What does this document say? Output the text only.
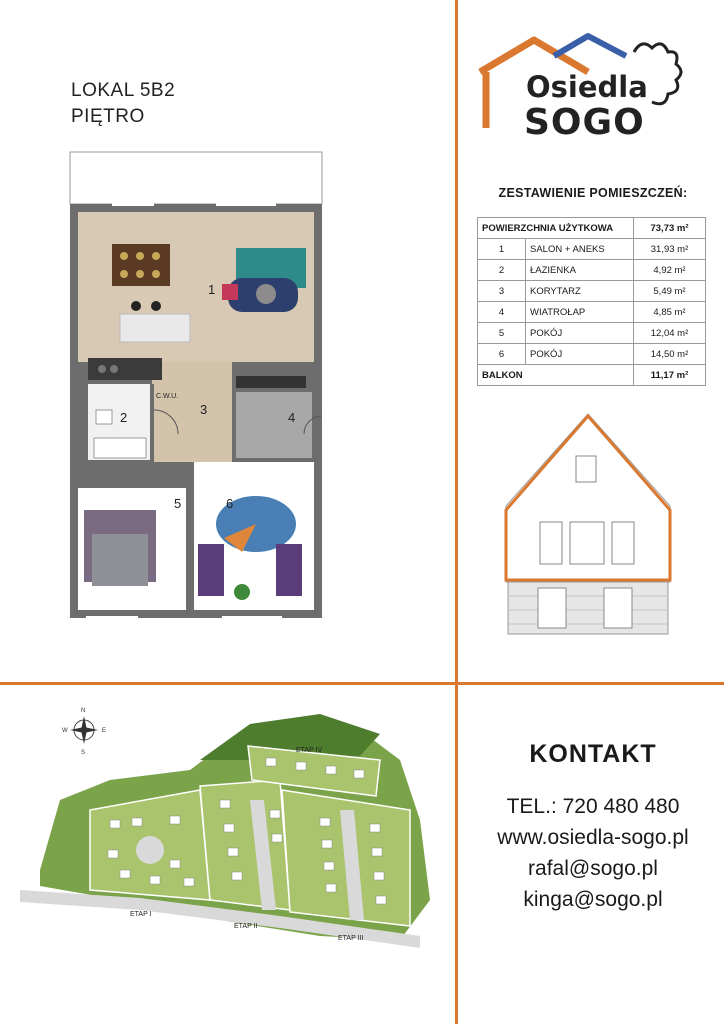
LOKAL 5B2
PIĘTRO
1
2
3
4
5	6
C.W.U.
Osiedla
SOGO
ZESTAWIENIE POMIESZCZEŃ:
POWIERZCHNIA UŻYTKOWA		73,73 m²
1	SALON + ANEKS	31,93 m²
2	ŁAZIENKA	4,92 m²
3	KORYTARZ	5,49 m²
4	WIATROŁAP	4,85 m²
5	POKÓJ	12,04 m²
6	POKÓJ	14,50 m²
BALKON		11,17 m²
N
S
W	E
ETAP I
ETAP II
ETAP III
ETAP IV	KONTAKT
TEL.: 720 480 480
www.osiedla-sogo.pl
rafal@sogo.pl
kinga@sogo.pl
